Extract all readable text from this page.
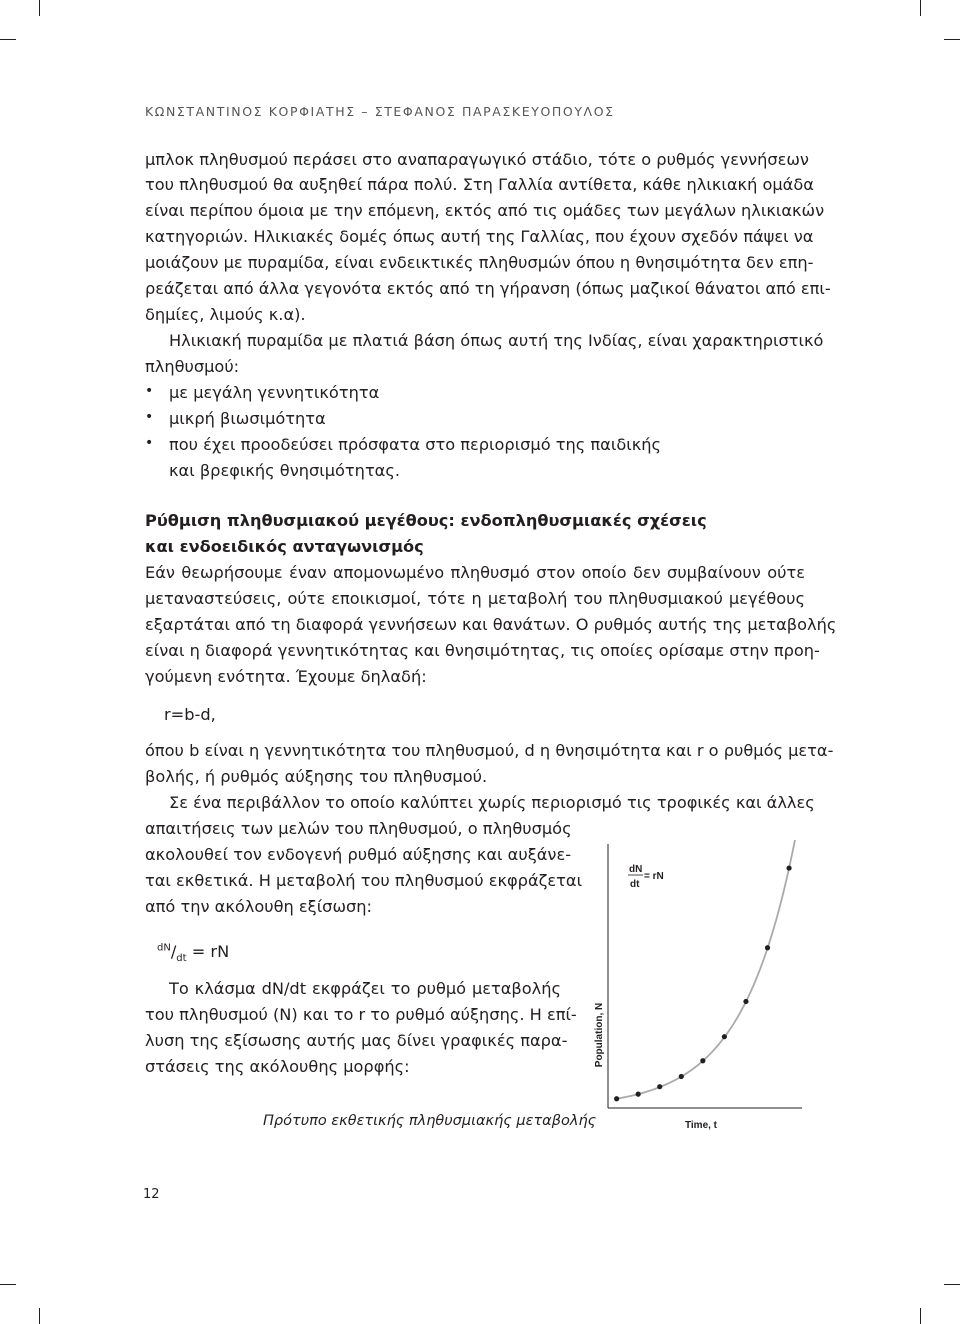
ΚΩΝΣΤΑΝΤΙΝΟΣ ΚΟΡΦΙΑΤΗΣ – ΣΤΕΦΑΝΟΣ ΠΑΡΑΣΚΕΥΟΠΟΥΛΟΣ
μπλοκ πληθυσμού περάσει στο αναπαραγωγικό στάδιο, τότε ο ρυθμός γεννήσεων
του πληθυσμού θα αυξηθεί πάρα πολύ. Στη Γαλλία αντίθετα, κάθε ηλικιακή ομάδα
είναι περίπου όμοια με την επόμενη, εκτός από τις ομάδες των μεγάλων ηλικιακών
κατηγοριών. Ηλικιακές δομές όπως αυτή της Γαλλίας, που έχουν σχεδόν πάψει να
μοιάζουν με πυραμίδα, είναι ενδεικτικές πληθυσμών όπου η θνησιμότητα δεν επη-
ρεάζεται από άλλα γεγονότα εκτός από τη γήρανση (όπως μαζικοί θάνατοι από επι-
δημίες, λιμούς κ.α).
Ηλικιακή πυραμίδα με πλατιά βάση όπως αυτή της Ινδίας, είναι χαρακτηριστικό
πληθυσμού:
• με μεγάλη γεννητικότητα
• μικρή βιωσιμότητα
• που έχει προοδεύσει πρόσφατα στο περιορισμό της παιδικής
και βρεφικής θνησιμότητας.
Ρύθμιση πληθυσμιακού μεγέθους: ενδοπληθυσμιακές σχέσεις
και ενδοειδικός ανταγωνισμός
Εάν θεωρήσουμε έναν απομονωμένο πληθυσμό στον οποίο δεν συμβαίνουν ούτε
μεταναστεύσεις, ούτε εποικισμοί, τότε η μεταβολή του πληθυσμιακού μεγέθους
εξαρτάται από τη διαφορά γεννήσεων και θανάτων. Ο ρυθμός αυτής της μεταβολής
είναι η διαφορά γεννητικότητας και θνησιμότητας, τις οποίες ορίσαμε στην προη-
γούμενη ενότητα. Έχουμε δηλαδή:
r=b-d,
όπου b είναι η γεννητικότητα του πληθυσμού, d η θνησιμότητα και r ο ρυθμός μετα-
βολής, ή ρυθμός αύξησης του πληθυσμού.
Σε ένα περιβάλλον το οποίο καλύπτει χωρίς περιορισμό τις τροφικές και άλλες
απαιτήσεις των μελών του πληθυσμού, ο πληθυσμός
ακολουθεί τον ενδογενή ρυθμό αύξησης και αυξάνε-
ται εκθετικά. Η μεταβολή του πληθυσμού εκφράζεται
από την ακόλουθη εξίσωση:
$^{dN}/_{dt}$ = rN
Το κλάσμα dN/dt εκφράζει το ρυθμό μεταβολής
του πληθυσμού (N) και το r το ρυθμό αύξησης. Η επί-
λυση της εξίσωσης αυτής μας δίνει γραφικές παρα-
στάσεις της ακόλουθης μορφής:
Πρότυπο εκθετικής πληθυσμιακής μεταβολής
12
dN
dt
= rN
Population, N
Time, t
